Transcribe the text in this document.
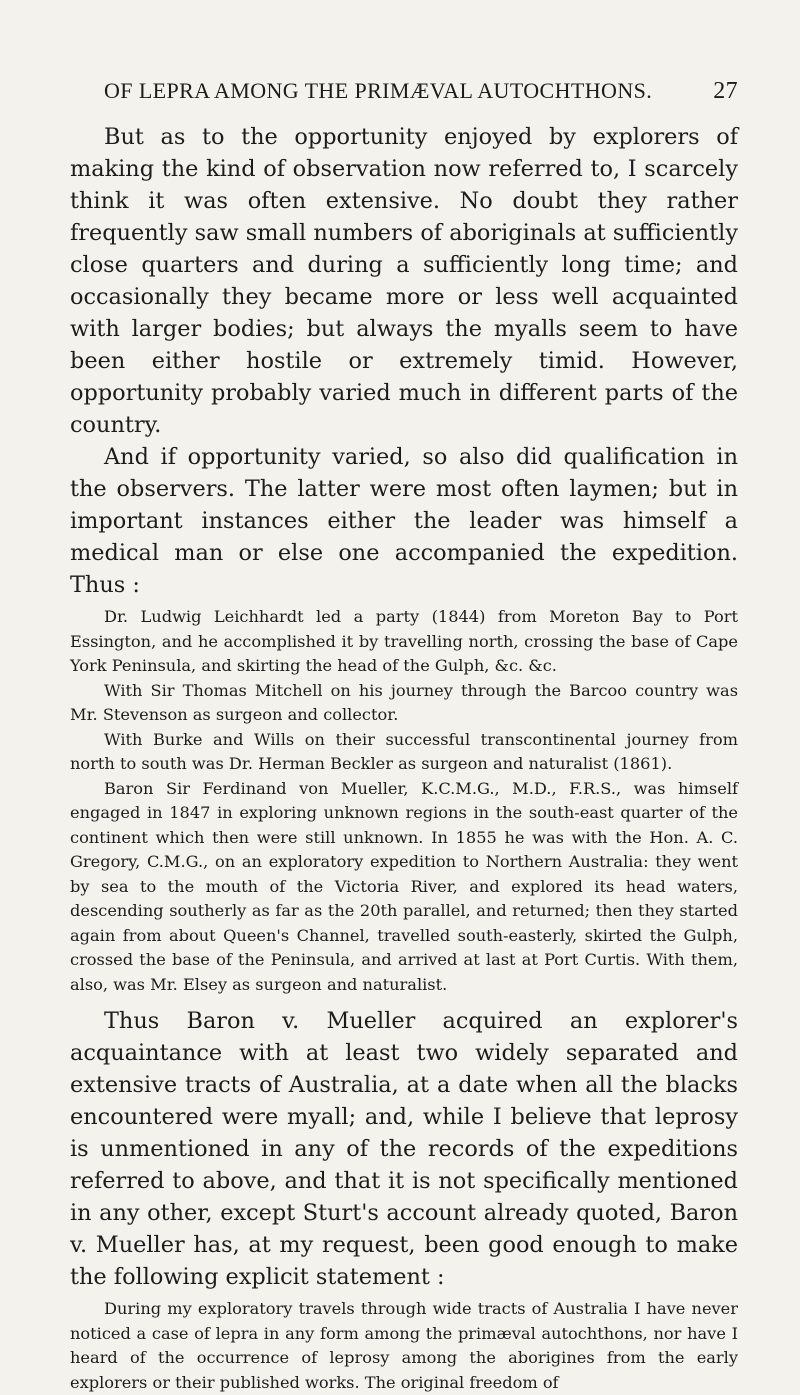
OF LEPRA AMONG THE PRIMÆVAL AUTOCHTHONS.	27

But as to the opportunity enjoyed by explorers of making the kind of observation now referred to, I scarcely think it was often extensive. No doubt they rather frequently saw small numbers of aboriginals at sufficiently close quarters and during a sufficiently long time; and occasionally they became more or less well acquainted with larger bodies; but always the myalls seem to have been either hostile or extremely timid. However, opportunity probably varied much in different parts of the country.

And if opportunity varied, so also did qualification in the observers. The latter were most often laymen; but in important instances either the leader was himself a medical man or else one accompanied the expedition. Thus :

Dr. Ludwig Leichhardt led a party (1844) from Moreton Bay to Port Essington, and he accomplished it by travelling north, crossing the base of Cape York Peninsula, and skirting the head of the Gulph, &c. &c.

With Sir Thomas Mitchell on his journey through the Barcoo country was Mr. Stevenson as surgeon and collector.

With Burke and Wills on their successful transcontinental journey from north to south was Dr. Herman Beckler as surgeon and naturalist (1861).

Baron Sir Ferdinand von Mueller, K.C.M.G., M.D., F.R.S., was himself engaged in 1847 in exploring unknown regions in the south-east quarter of the continent which then were still unknown. In 1855 he was with the Hon. A. C. Gregory, C.M.G., on an exploratory expedition to Northern Australia: they went by sea to the mouth of the Victoria River, and explored its head waters, descending southerly as far as the 20th parallel, and returned; then they started again from about Queen's Channel, travelled south-easterly, skirted the Gulph, crossed the base of the Peninsula, and arrived at last at Port Curtis. With them, also, was Mr. Elsey as surgeon and naturalist.

Thus Baron v. Mueller acquired an explorer's acquaintance with at least two widely separated and extensive tracts of Australia, at a date when all the blacks encountered were myall; and, while I believe that leprosy is unmentioned in any of the records of the expeditions referred to above, and that it is not specifically mentioned in any other, except Sturt's account already quoted, Baron v. Mueller has, at my request, been good enough to make the following explicit statement :

During my exploratory travels through wide tracts of Australia I have never noticed a case of lepra in any form among the primæval autochthons, nor have I heard of the occurrence of leprosy among the aborigines from the early explorers or their published works. The original freedom of
